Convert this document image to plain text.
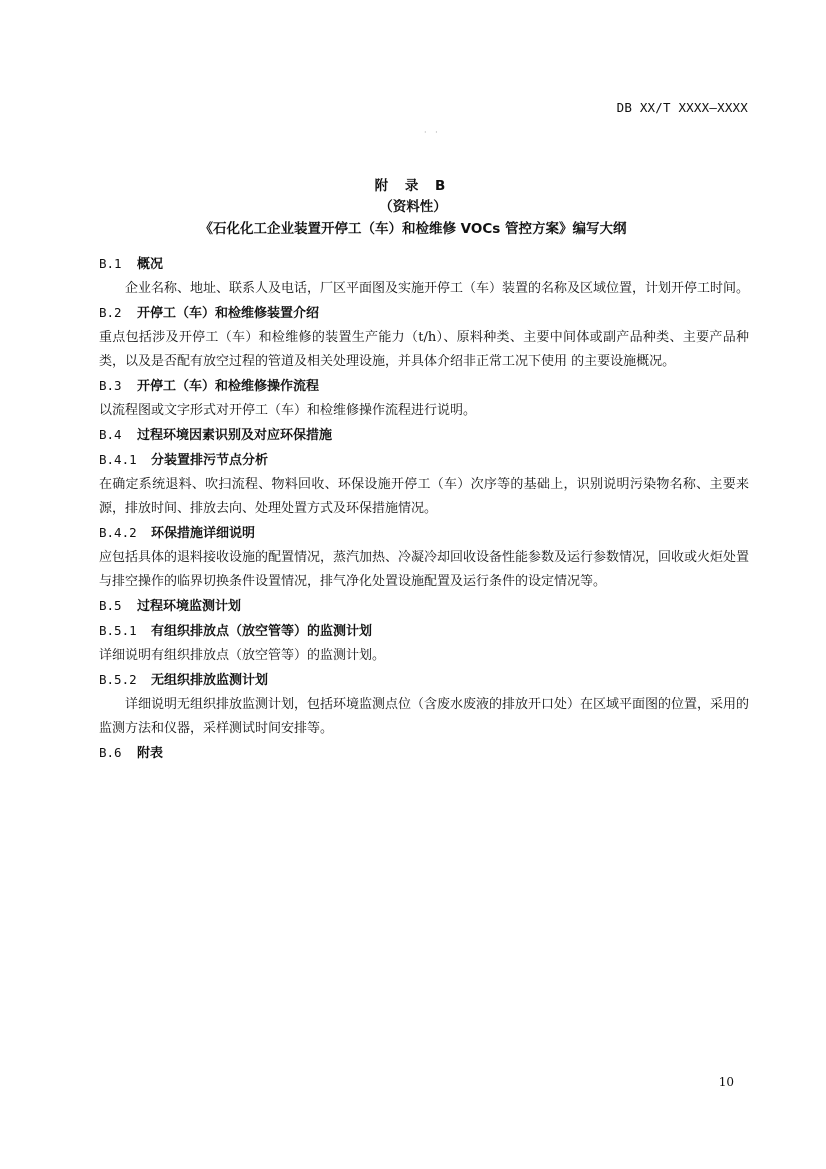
DB XX/T XXXX—XXXX
· ·
附 录 B
（资料性）
《石化化工企业装置开停工（车）和检维修 VOCs 管控方案》编写大纲
B.1 概况

企业名称、地址、联系人及电话，厂区平面图及实施开停工（车）装置的名称及区域位置，计划开停工时间。

B.2 开停工（车）和检维修装置介绍

重点包括涉及开停工（车）和检维修的装置生产能力（t/h）、原料种类、主要中间体或副产品种类、主要产品种类，以及是否配有放空过程的管道及相关处理设施，并具体介绍非正常工况下使用 的主要设施概况。

B.3 开停工（车）和检维修操作流程

以流程图或文字形式对开停工（车）和检维修操作流程进行说明。

B.4 过程环境因素识别及对应环保措施
B.4.1 分装置排污节点分析

在确定系统退料、吹扫流程、物料回收、环保设施开停工（车）次序等的基础上，识别说明污染物名称、主要来源，排放时间、排放去向、处理处置方式及环保措施情况。

B.4.2 环保措施详细说明

应包括具体的退料接收设施的配置情况，蒸汽加热、冷凝冷却回收设备性能参数及运行参数情况，回收或火炬处置与排空操作的临界切换条件设置情况，排气净化处置设施配置及运行条件的设定情况等。

B.5 过程环境监测计划
B.5.1 有组织排放点（放空管等）的监测计划

详细说明有组织排放点（放空管等）的监测计划。

B.5.2 无组织排放监测计划

详细说明无组织排放监测计划，包括环境监测点位（含废水废液的排放开口处）在区域平面图的位置，采用的监测方法和仪器，采样测试时间安排等。

B.6 附表
10
